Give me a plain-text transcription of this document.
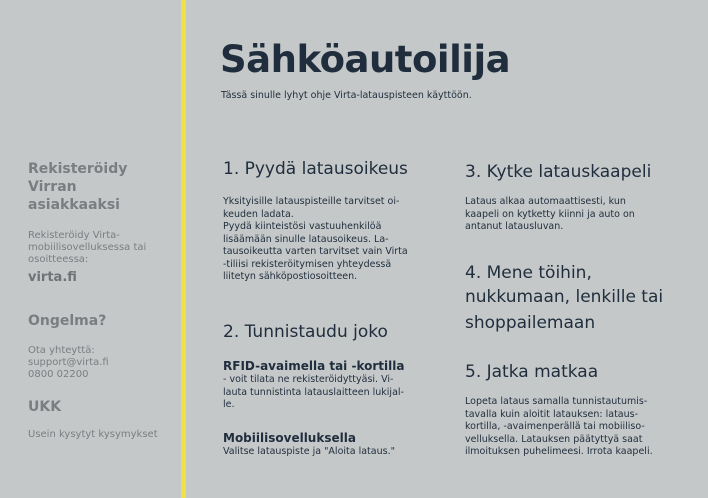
Rekisteröidy

Virran

asiakkaaksi

Rekisteröidy Virta-

mobiilisovelluksessa tai

osoitteessa:

virta.fi

Ongelma?

Ota yhteyttä:

support@virta.fi

0800 02200

UKK

Usein kysytyt kysymykset

Sähköautoilija
Tässä sinulle lyhyt ohje Virta-latauspisteen käyttöön.

1. Pyydä latausoikeus

Yksityisille latauspisteille tarvitset oi-

keuden ladata.

Pyydä kiinteistösi vastuuhenkilöä

lisäämään sinulle latausoikeus. La-

tausoikeutta varten tarvitset vain Virta

-tiliisi rekisteröitymisen yhteydessä

liitetyn sähköpostiosoitteen.

2. Tunnistaudu joko

RFID-avaimella tai -kortilla

- voit tilata ne rekisteröidyttyäsi. Vi-

lauta tunnistinta latauslaitteen lukijal-

le.

Mobiilisovelluksella

Valitse latauspiste ja "Aloita lataus."

3. Kytke latauskaapeli

Lataus alkaa automaattisesti, kun

kaapeli on kytketty kiinni ja auto on

antanut latausluvan.

4. Mene töihin,

nukkumaan, lenkille tai

shoppailemaan

5. Jatka matkaa

Lopeta lataus samalla tunnistautumis-

tavalla kuin aloitit latauksen: lataus-

kortilla, -avaimenperällä tai mobiiliso-

velluksella. Latauksen päätyttyä saat

ilmoituksen puhelimeesi. Irrota kaapeli.
